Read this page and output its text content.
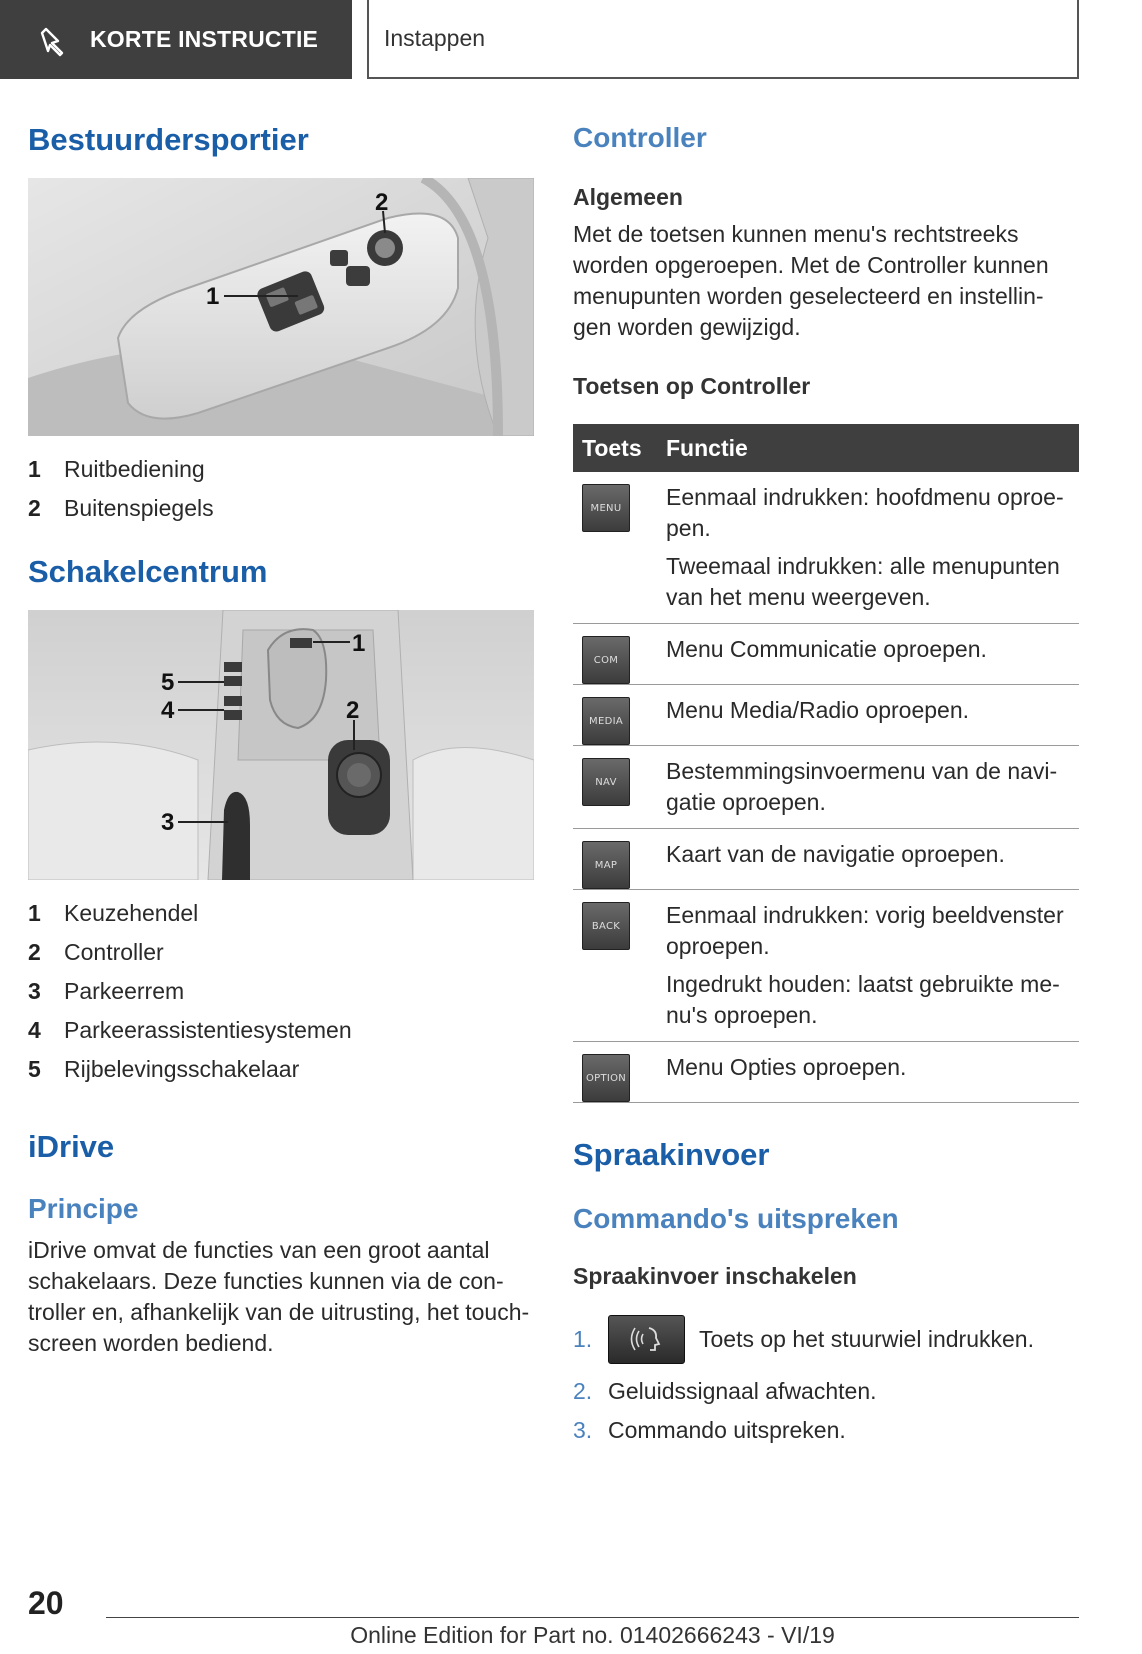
KORTE INSTRUCTIE	Instappen
Bestuurdersportier
1
2
1	Ruitbediening
2	Buitenspiegels
Schakelcentrum
1
2
3
4
5
1	Keuzehendel
2	Controller
3	Parkeerrem
4	Parkeerassistentiesystemen
5	Rijbelevingsschakelaar
iDrive
Principe

iDrive omvat de functies van een groot aantal
schakelaars. Deze functies kunnen via de con-
troller en, afhankelijk van de uitrusting, het touch-
screen worden bediend.

Controller
Algemeen

Met de toetsen kunnen menu's rechtstreeks
worden opgeroepen. Met de Controller kunnen
menupunten worden geselecteerd en instellin-
gen worden gewijzigd.

Toetsen op Controller
Toets	Functie

MENU	Eenmaal indrukken: hoofdmenu oproe-
pen.
Tweemaal indrukken: alle menupunten
van het menu weergeven.

COM	Menu Communicatie oproepen.

MEDIA	Menu Media/Radio oproepen.

NAV	Bestemmingsinvoermenu van de navi-
gatie oproepen.

MAP	Kaart van de navigatie oproepen.

BACK	Eenmaal indrukken: vorig beeldvenster
oproepen.
Ingedrukt houden: laatst gebruikte me-
nu's oproepen.

OPTION	Menu Opties oproepen.
Spraakinvoer
Commando's uitspreken
Spraakinvoer inschakelen
1.	Toets op het stuurwiel indrukken.
2. Geluidssignaal afwachten.
3. Commando uitspreken.
20
Online Edition for Part no. 01402666243 - VI/19
